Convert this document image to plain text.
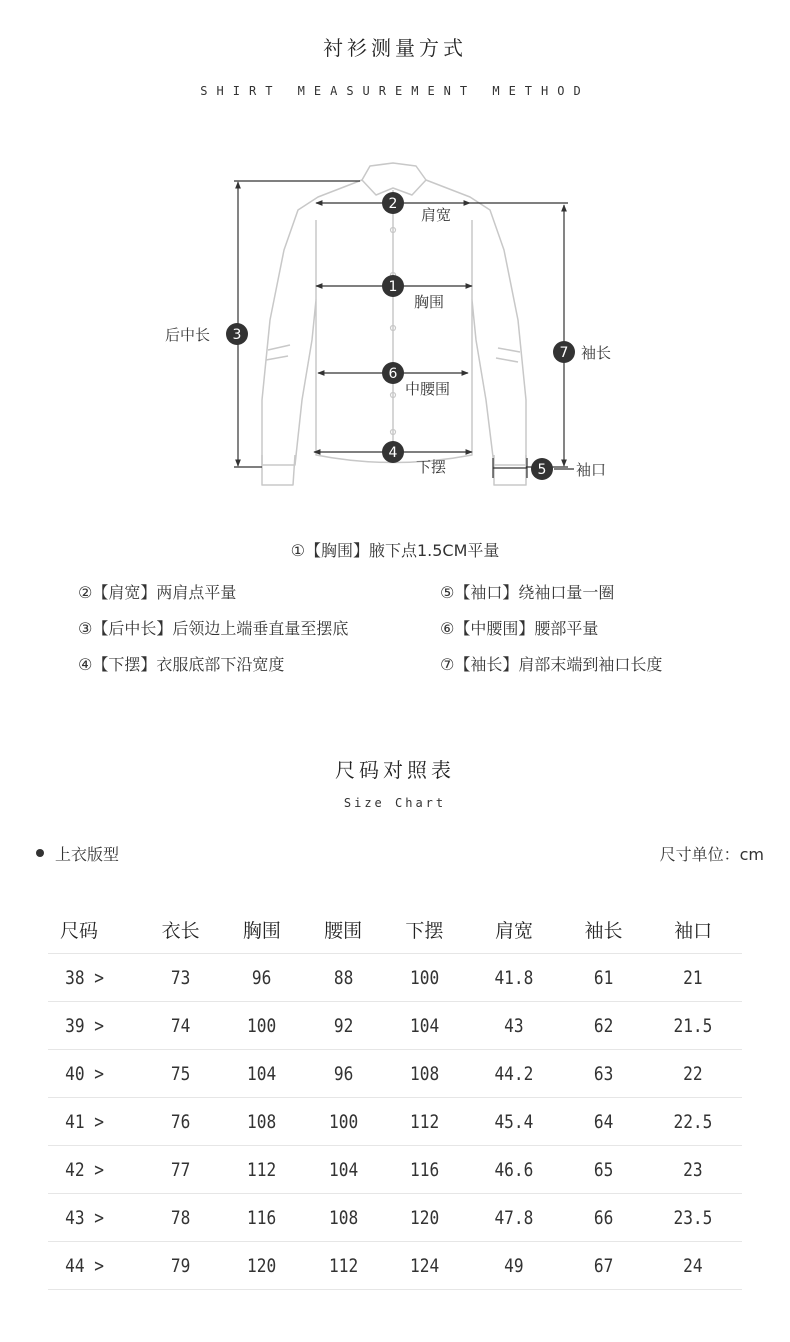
衬衫测量方式
SHIRT MEASUREMENT METHOD
2
1
6
4
3
7
5
肩宽
胸围
中腰围
下摆
后中长
袖长
袖口
①【胸围】腋下点1.5CM平量
②【肩宽】两肩点平量
③【后中长】后领边上端垂直量至摆底
④【下摆】衣服底部下沿宽度
⑤【袖口】绕袖口量一圈
⑥【中腰围】腰部平量
⑦【袖长】肩部末端到袖口长度
尺码对照表
Size Chart
上衣版型	尺寸单位：cm
尺码	衣长	胸围	腰围	下摆	肩宽	袖长	袖口
38 >	73	96	88	100	41.8	61	21
39 >	74	100	92	104	43	62	21.5
40 >	75	104	96	108	44.2	63	22
41 >	76	108	100	112	45.4	64	22.5
42 >	77	112	104	116	46.6	65	23
43 >	78	116	108	120	47.8	66	23.5
44 >	79	120	112	124	49	67	24
